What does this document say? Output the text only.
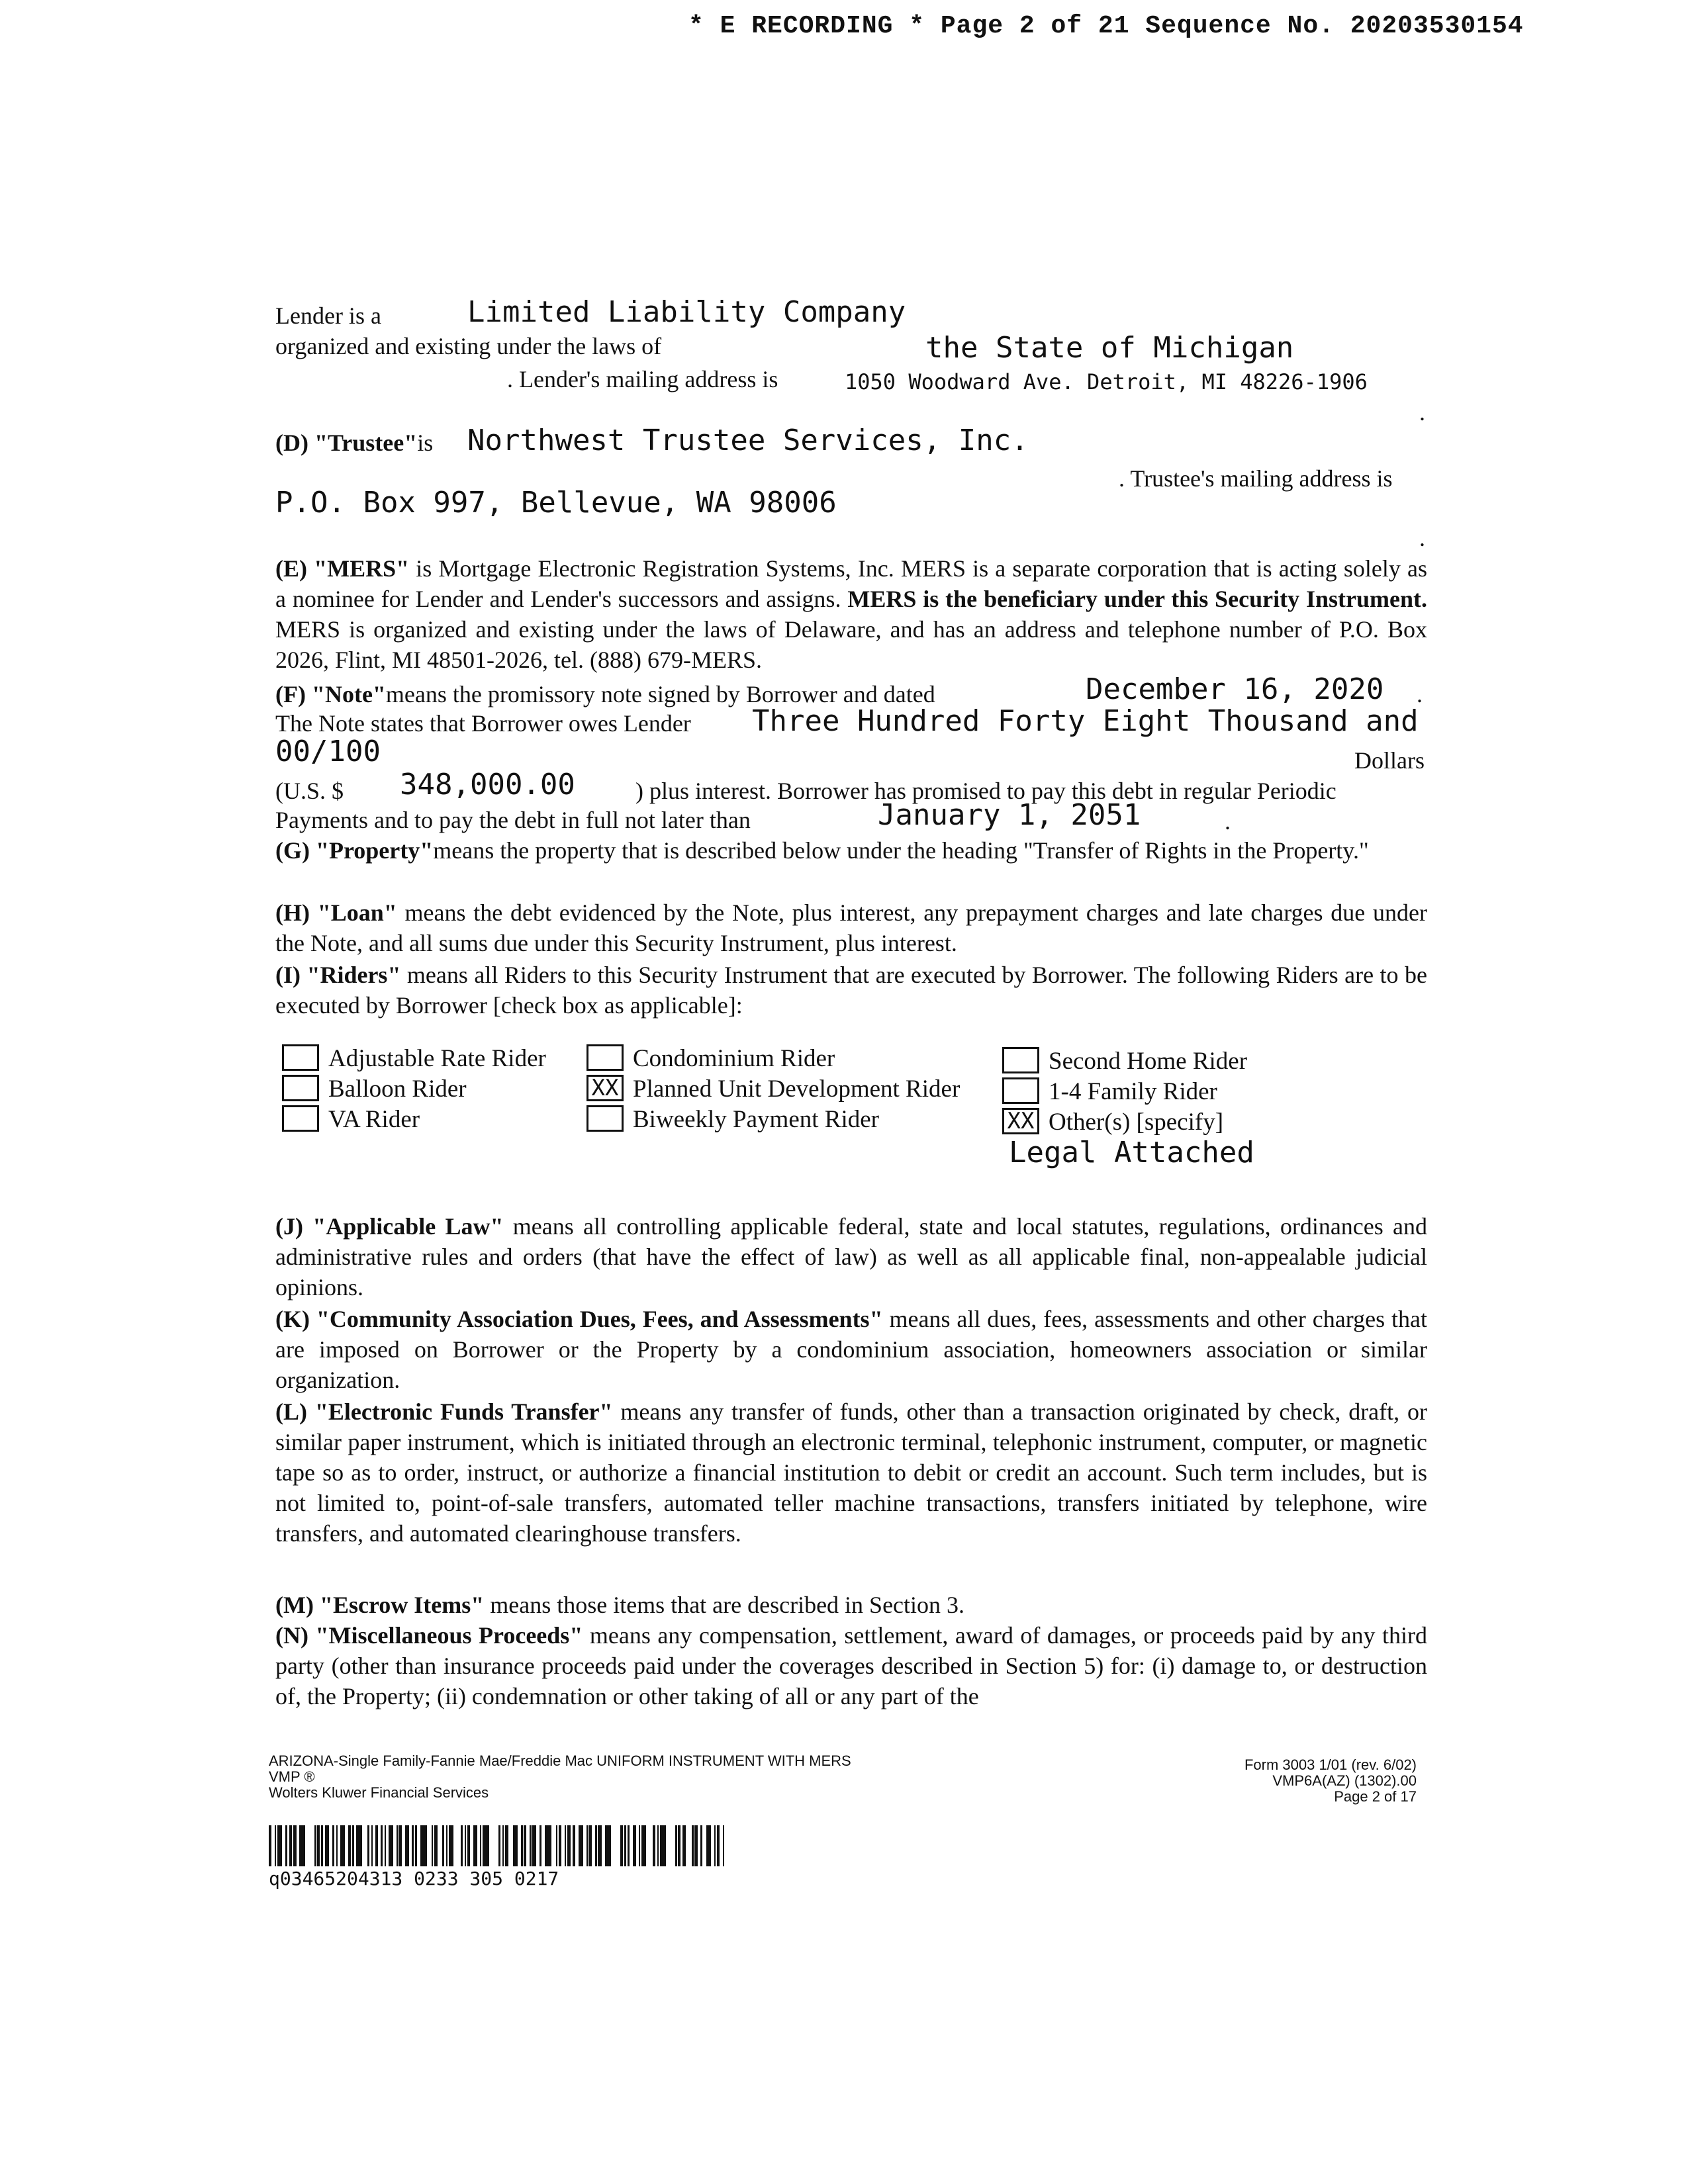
* E RECORDING * Page 2 of 21 Sequence No. 20203530154
Lender is a	Limited Liability Company
organized and existing under the laws of	the State of Michigan
. Lender's mailing address is	1050 Woodward Ave. Detroit, MI 48226-1906
.
(D) "Trustee"is Northwest Trustee Services, Inc.
. Trustee's mailing address is
P.O. Box 997, Bellevue, WA 98006
.
(E) "MERS" is Mortgage Electronic Registration Systems, Inc. MERS is a separate corporation that is acting solely as a nominee for Lender and Lender's successors and assigns. MERS is the beneficiary under this Security Instrument. MERS is organized and existing under the laws of Delaware, and has an address and telephone number of P.O. Box 2026, Flint, MI 48501-2026, tel. (888) 679-MERS.
(F) "Note"means the promissory note signed by Borrower and dated	December 16, 2020 .
The Note states that Borrower owes Lender Three Hundred Forty Eight Thousand and
00/100	Dollars
(U.S. $ 348,000.00	) plus interest. Borrower has promised to pay this debt in regular Periodic
Payments and to pay the debt in full not later than	January 1, 2051	.
(G) "Property"means the property that is described below under the heading "Transfer of Rights in the Property."
(H) "Loan" means the debt evidenced by the Note, plus interest, any prepayment charges and late charges due under the Note, and all sums due under this Security Instrument, plus interest.
(I) "Riders" means all Riders to this Security Instrument that are executed by Borrower. The following Riders are to be executed by Borrower [check box as applicable]:
Adjustable Rate Rider
Balloon Rider
VA Rider
Condominium Rider
XX Planned Unit Development Rider
Biweekly Payment Rider
Second Home Rider
1-4 Family Rider
XX Other(s) [specify]
Legal Attached
(J) "Applicable Law" means all controlling applicable federal, state and local statutes, regulations, ordinances and administrative rules and orders (that have the effect of law) as well as all applicable final, non-appealable judicial opinions.
(K) "Community Association Dues, Fees, and Assessments" means all dues, fees, assessments and other charges that are imposed on Borrower or the Property by a condominium association, homeowners association or similar organization.
(L) "Electronic Funds Transfer" means any transfer of funds, other than a transaction originated by check, draft, or similar paper instrument, which is initiated through an electronic terminal, telephonic instrument, computer, or magnetic tape so as to order, instruct, or authorize a financial institution to debit or credit an account. Such term includes, but is not limited to, point-of-sale transfers, automated teller machine transactions, transfers initiated by telephone, wire transfers, and automated clearinghouse transfers.
(M) "Escrow Items" means those items that are described in Section 3.
(N) "Miscellaneous Proceeds" means any compensation, settlement, award of damages, or proceeds paid by any third party (other than insurance proceeds paid under the coverages described in Section 5) for: (i) damage to, or destruction of, the Property; (ii) condemnation or other taking of all or any part of the
ARIZONA-Single Family-Fannie Mae/Freddie Mac UNIFORM INSTRUMENT WITH MERS
VMP ®
Wolters Kluwer Financial Services
Form 3003 1/01 (rev. 6/02)
VMP6A(AZ) (1302).00
Page 2 of 17
q03465204313 0233 305 0217
